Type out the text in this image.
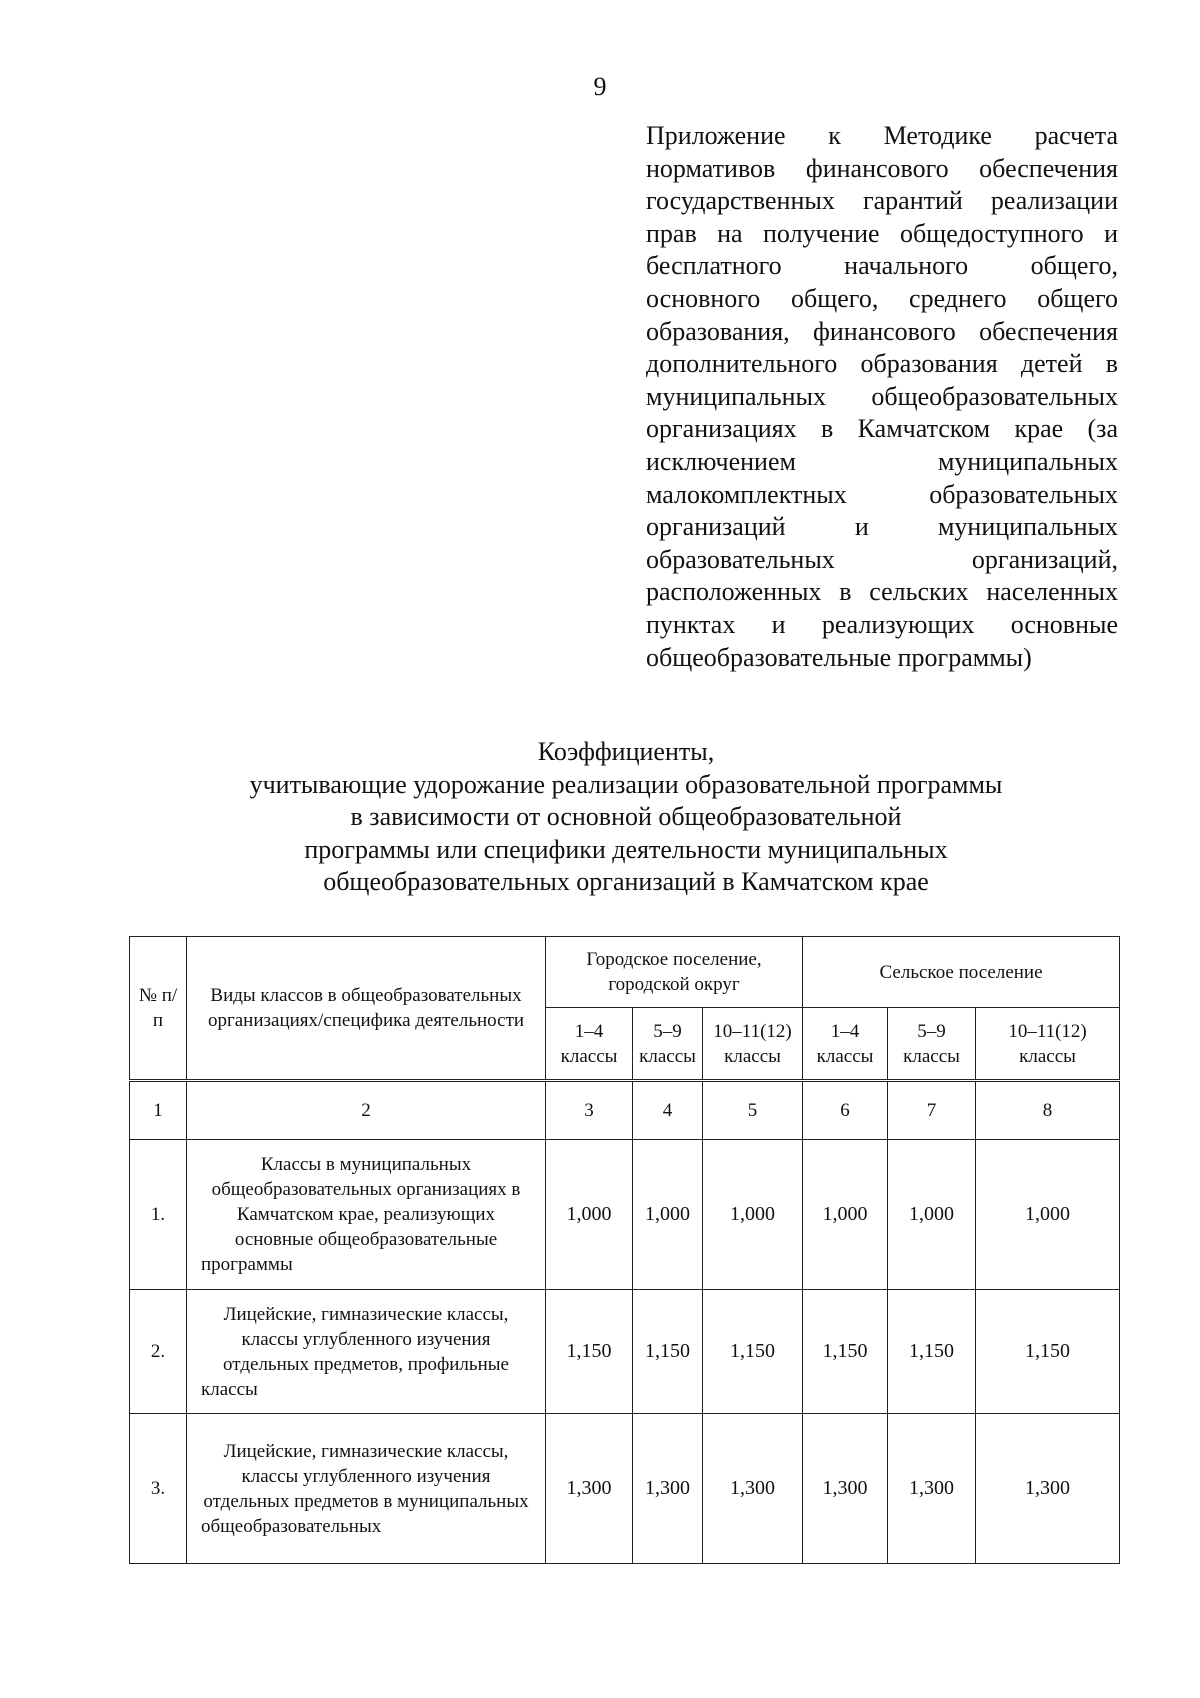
9
Приложение к Методике расчета нормативов финансового обеспечения государственных гарантий реализации прав на получение общедоступного и бесплатного начального общего, основного общего, среднего общего образования, финансового обеспечения дополнительного образования детей в муниципальных общеобразовательных организациях в Камчатском крае (за исключением муниципальных малокомплектных образовательных организаций и муниципальных образовательных организаций, расположенных в сельских населенных пунктах и реализующих основные общеобразовательные программы)
Коэффициенты,
учитывающие удорожание реализации образовательной программы
в зависимости от основной общеобразовательной
программы или специфики деятельности муниципальных
общеобразовательных организаций в Камчатском крае
№ п/п	Виды классов в общеобразовательных организациях/специфика деятельности	Городское поселение, городской округ			Сельское поселение		
		1–4 классы	5–9 классы	10–11(12) классы	1–4 классы	5–9 классы	10–11(12) классы
1	2	3	4	5	6	7	8
1.	Классы в муниципальных общеобразовательных организациях в Камчатском крае, реализующих основные общеобразовательные программы	1,000	1,000	1,000	1,000	1,000	1,000
2.	Лицейские, гимназические классы, классы углубленного изучения отдельных предметов, профильные классы	1,150	1,150	1,150	1,150	1,150	1,150
3.	Лицейские, гимназические классы, классы углубленного изучения отдельных предметов в муниципальных общеобразовательных	1,300	1,300	1,300	1,300	1,300	1,300
